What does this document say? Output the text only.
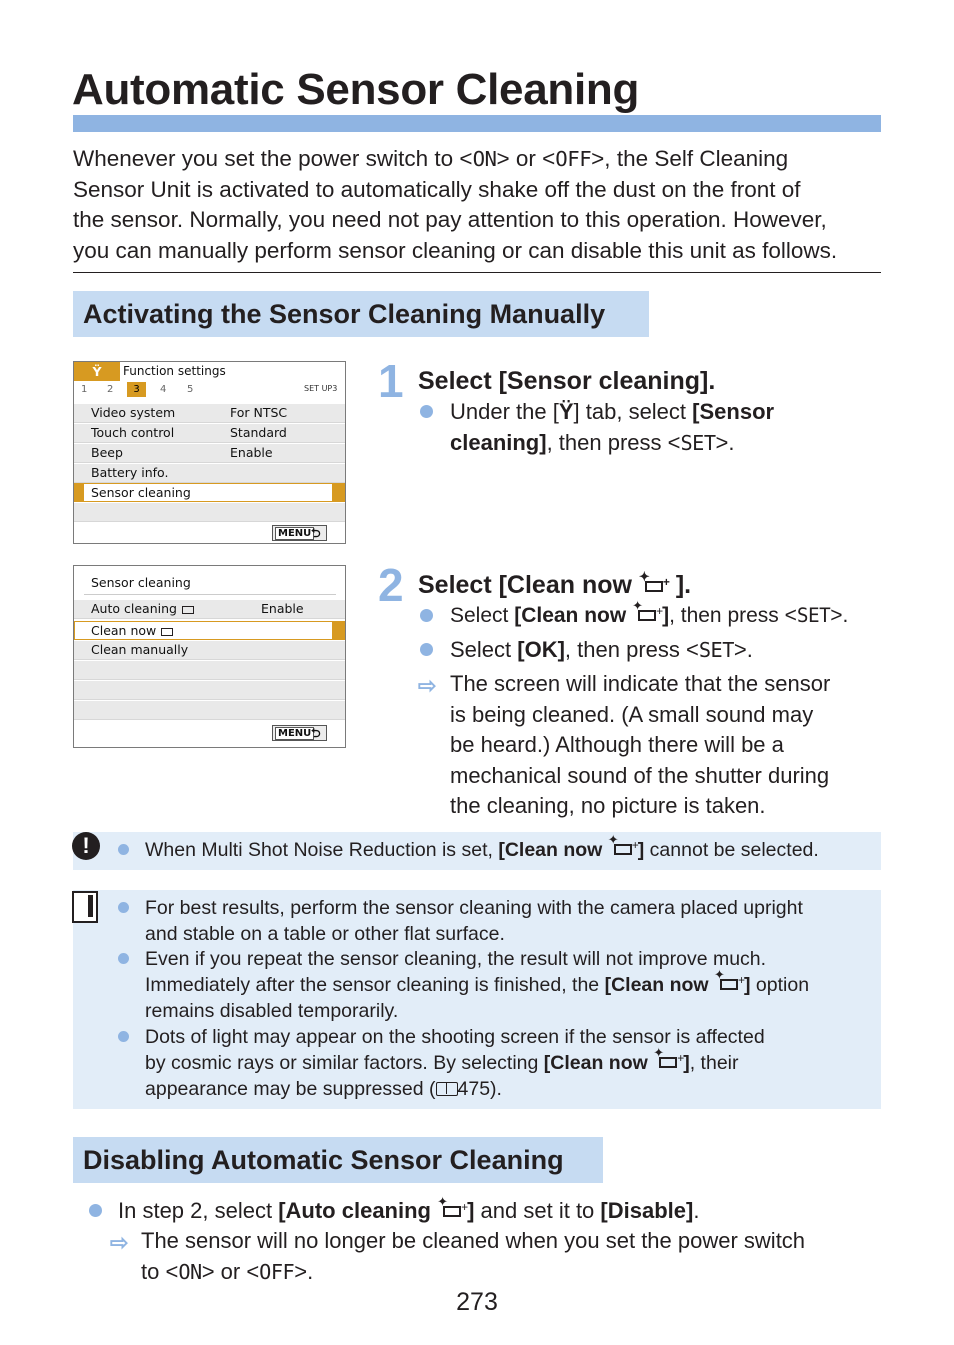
Automatic Sensor Cleaning
Whenever you set the power switch to <ON> or <OFF>, the Self Cleaning
Sensor Unit is activated to automatically shake off the dust on the front of
the sensor. Normally, you need not pay attention to this operation. However,
you can manually perform sensor cleaning or can disable this unit as follows.
Activating the Sensor Cleaning Manually
Ÿ	Function settings
1 2	3	4 5	SET UP3
Video system	For NTSC
Touch control	Standard
Beep	Enable
Battery info.
Sensor cleaning
MENU ⮌
Sensor cleaning
Auto cleaning	Enable
Clean now
Clean manually
MENU ⮌
1 Select [Sensor cleaning].
Under the [Ÿ] tab, select [Sensor
cleaning], then press <SET>.
2 Select [Clean now ✦ + ].
Select [Clean now ✦ +
], then press <SET>.
Select [OK], then press <SET>.
⇨ The screen will indicate that the sensor
is being cleaned. (A small sound may
be heard.) Although there will be a
mechanical sound of the shutter during
the cleaning, no picture is taken.
!	When Multi Shot Noise Reduction is set, [Clean now ✦ +
] cannot be selected.
For best results, perform the sensor cleaning with the camera placed upright
and stable on a table or other flat surface.
Even if you repeat the sensor cleaning, the result will not improve much.
Immediately after the sensor cleaning is finished, the [Clean now ✦ +
] option
remains disabled temporarily.
Dots of light may appear on the shooting screen if the sensor is affected
by cosmic rays or similar factors. By selecting [Clean now ✦ +
], their
appearance may be suppressed ( 475).
Disabling Automatic Sensor Cleaning
In step 2, select [Auto cleaning ✦ +
] and set it to [Disable].
⇨ The sensor will no longer be cleaned when you set the power switch
to <ON> or <OFF>.
273
